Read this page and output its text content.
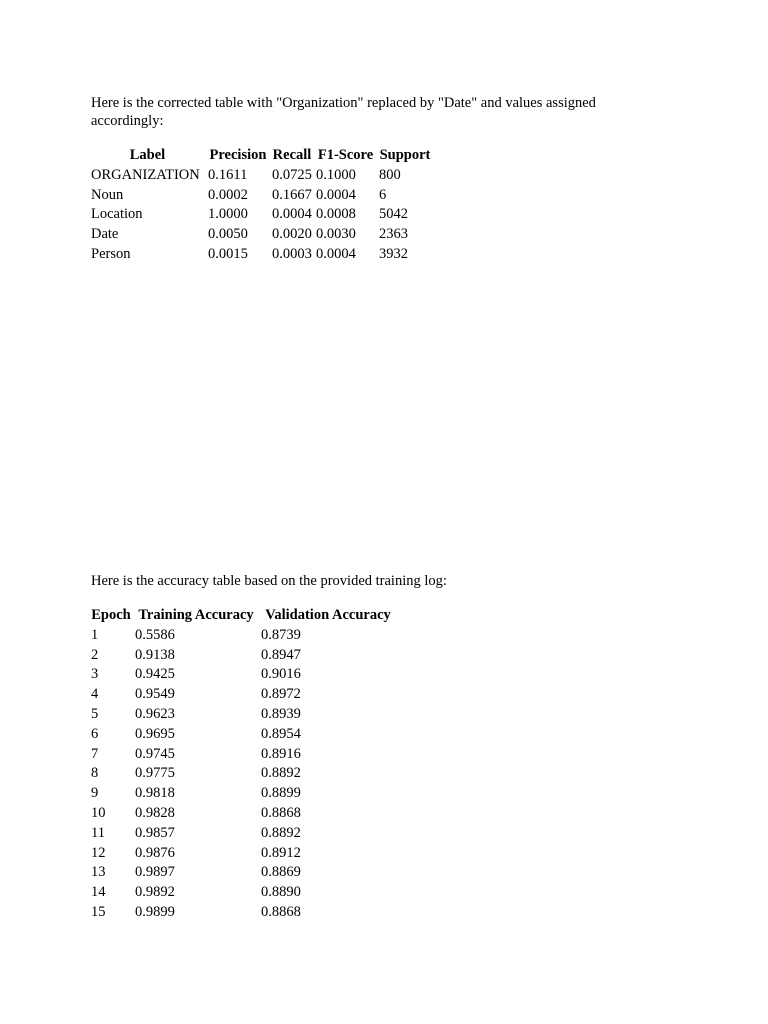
Here is the corrected table with "Organization" replaced by "Date" and values assigned accordingly:

Label	Precision	Recall	F1-Score	Support
ORGANIZATION	0.1611	0.0725	0.1000	800
Noun	0.0002	0.1667	0.0004	6
Location	1.0000	0.0004	0.0008	5042
Date	0.0050	0.0020	0.0030	2363
Person	0.0015	0.0003	0.0004	3932

Here is the accuracy table based on the provided training log:

Epoch	Training Accuracy	Validation Accuracy
1	0.5586	0.8739
2	0.9138	0.8947
3	0.9425	0.9016
4	0.9549	0.8972
5	0.9623	0.8939
6	0.9695	0.8954
7	0.9745	0.8916
8	0.9775	0.8892
9	0.9818	0.8899
10	0.9828	0.8868
11	0.9857	0.8892
12	0.9876	0.8912
13	0.9897	0.8869
14	0.9892	0.8890
15	0.9899	0.8868
